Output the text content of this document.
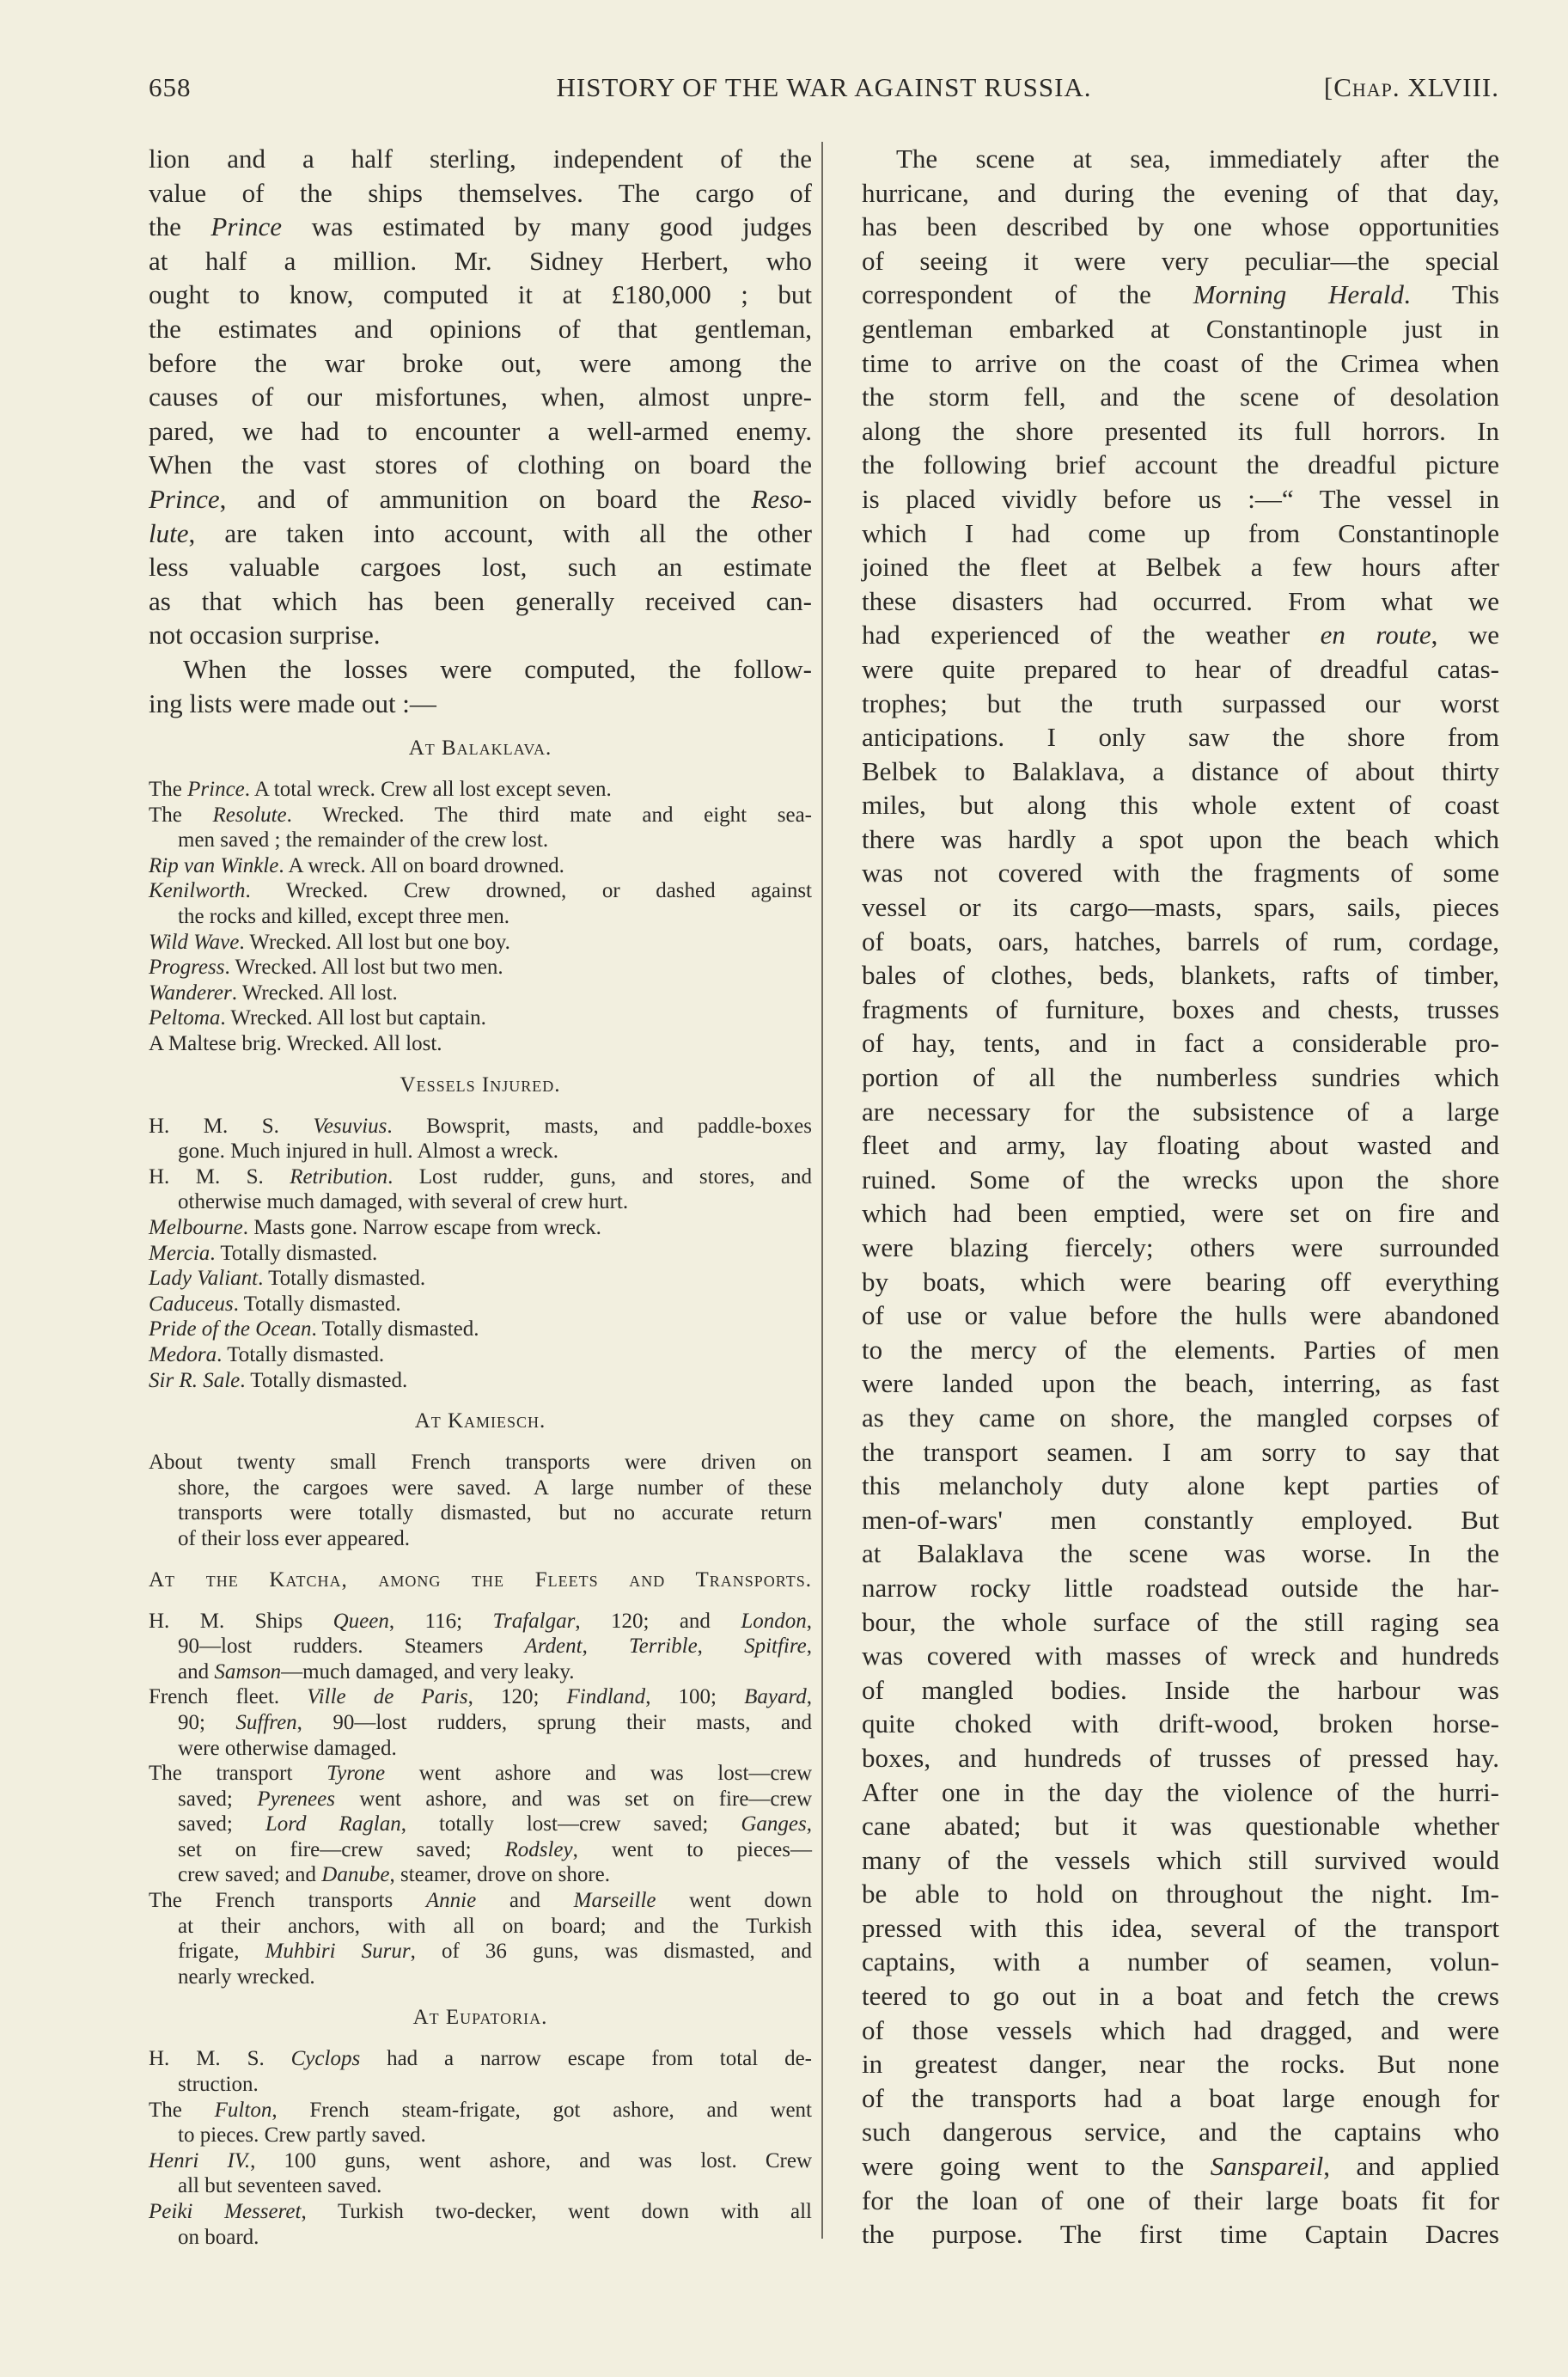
658	HISTORY OF THE WAR AGAINST RUSSIA.	[Chap. XLVIII.
lion and a half sterling, independent of the
value of the ships themselves. The cargo of
the Prince was estimated by many good judges
at half a million. Mr. Sidney Herbert, who
ought to know, computed it at £180,000 ; but
the estimates and opinions of that gentleman,
before the war broke out, were among the
causes of our misfortunes, when, almost unpre-
pared, we had to encounter a well-armed enemy.
When the vast stores of clothing on board the
Prince, and of ammunition on board the Reso-
lute, are taken into account, with all the other
less valuable cargoes lost, such an estimate
as that which has been generally received can-
not occasion surprise.
When the losses were computed, the follow-
ing lists were made out :—
At Balaklava.
The Prince. A total wreck. Crew all lost except seven.
The Resolute. Wrecked. The third mate and eight sea-
men saved ; the remainder of the crew lost.
Rip van Winkle. A wreck. All on board drowned.
Kenilworth. Wrecked. Crew drowned, or dashed against
the rocks and killed, except three men.
Wild Wave. Wrecked. All lost but one boy.
Progress. Wrecked. All lost but two men.
Wanderer. Wrecked. All lost.
Peltoma. Wrecked. All lost but captain.
A Maltese brig. Wrecked. All lost.
Vessels Injured.
H. M. S. Vesuvius. Bowsprit, masts, and paddle-boxes
gone. Much injured in hull. Almost a wreck.
H. M. S. Retribution. Lost rudder, guns, and stores, and
otherwise much damaged, with several of crew hurt.
Melbourne. Masts gone. Narrow escape from wreck.
Mercia. Totally dismasted.
Lady Valiant. Totally dismasted.
Caduceus. Totally dismasted.
Pride of the Ocean. Totally dismasted.
Medora. Totally dismasted.
Sir R. Sale. Totally dismasted.
At Kamiesch.
About twenty small French transports were driven on
shore, the cargoes were saved. A large number of these
transports were totally dismasted, but no accurate return
of their loss ever appeared.
At the Katcha, among the Fleets and Transports.
H. M. Ships Queen, 116; Trafalgar, 120; and London,
90—lost rudders. Steamers Ardent, Terrible, Spitfire,
and Samson—much damaged, and very leaky.
French fleet. Ville de Paris, 120; Findland, 100; Bayard,
90; Suffren, 90—lost rudders, sprung their masts, and
were otherwise damaged.
The transport Tyrone went ashore and was lost—crew
saved; Pyrenees went ashore, and was set on fire—crew
saved; Lord Raglan, totally lost—crew saved; Ganges,
set on fire—crew saved; Rodsley, went to pieces—
crew saved; and Danube, steamer, drove on shore.
The French transports Annie and Marseille went down
at their anchors, with all on board; and the Turkish
frigate, Muhbiri Surur, of 36 guns, was dismasted, and
nearly wrecked.
At Eupatoria.
H. M. S. Cyclops had a narrow escape from total de-
struction.
The Fulton, French steam-frigate, got ashore, and went
to pieces. Crew partly saved.
Henri IV., 100 guns, went ashore, and was lost. Crew
all but seventeen saved.
Peiki Messeret, Turkish two-decker, went down with all
on board.
The scene at sea, immediately after the
hurricane, and during the evening of that day,
has been described by one whose opportunities
of seeing it were very peculiar—the special
correspondent of the Morning Herald. This
gentleman embarked at Constantinople just in
time to arrive on the coast of the Crimea when
the storm fell, and the scene of desolation
along the shore presented its full horrors. In
the following brief account the dreadful picture
is placed vividly before us :—“ The vessel in
which I had come up from Constantinople
joined the fleet at Belbek a few hours after
these disasters had occurred. From what we
had experienced of the weather en route, we
were quite prepared to hear of dreadful catas-
trophes; but the truth surpassed our worst
anticipations. I only saw the shore from
Belbek to Balaklava, a distance of about thirty
miles, but along this whole extent of coast
there was hardly a spot upon the beach which
was not covered with the fragments of some
vessel or its cargo—masts, spars, sails, pieces
of boats, oars, hatches, barrels of rum, cordage,
bales of clothes, beds, blankets, rafts of timber,
fragments of furniture, boxes and chests, trusses
of hay, tents, and in fact a considerable pro-
portion of all the numberless sundries which
are necessary for the subsistence of a large
fleet and army, lay floating about wasted and
ruined. Some of the wrecks upon the shore
which had been emptied, were set on fire and
were blazing fiercely; others were surrounded
by boats, which were bearing off everything
of use or value before the hulls were abandoned
to the mercy of the elements. Parties of men
were landed upon the beach, interring, as fast
as they came on shore, the mangled corpses of
the transport seamen. I am sorry to say that
this melancholy duty alone kept parties of
men-of-wars' men constantly employed. But
at Balaklava the scene was worse. In the
narrow rocky little roadstead outside the har-
bour, the whole surface of the still raging sea
was covered with masses of wreck and hundreds
of mangled bodies. Inside the harbour was
quite choked with drift-wood, broken horse-
boxes, and hundreds of trusses of pressed hay.
After one in the day the violence of the hurri-
cane abated; but it was questionable whether
many of the vessels which still survived would
be able to hold on throughout the night. Im-
pressed with this idea, several of the transport
captains, with a number of seamen, volun-
teered to go out in a boat and fetch the crews
of those vessels which had dragged, and were
in greatest danger, near the rocks. But none
of the transports had a boat large enough for
such dangerous service, and the captains who
were going went to the Sanspareil, and applied
for the loan of one of their large boats fit for
the purpose. The first time Captain Dacres
